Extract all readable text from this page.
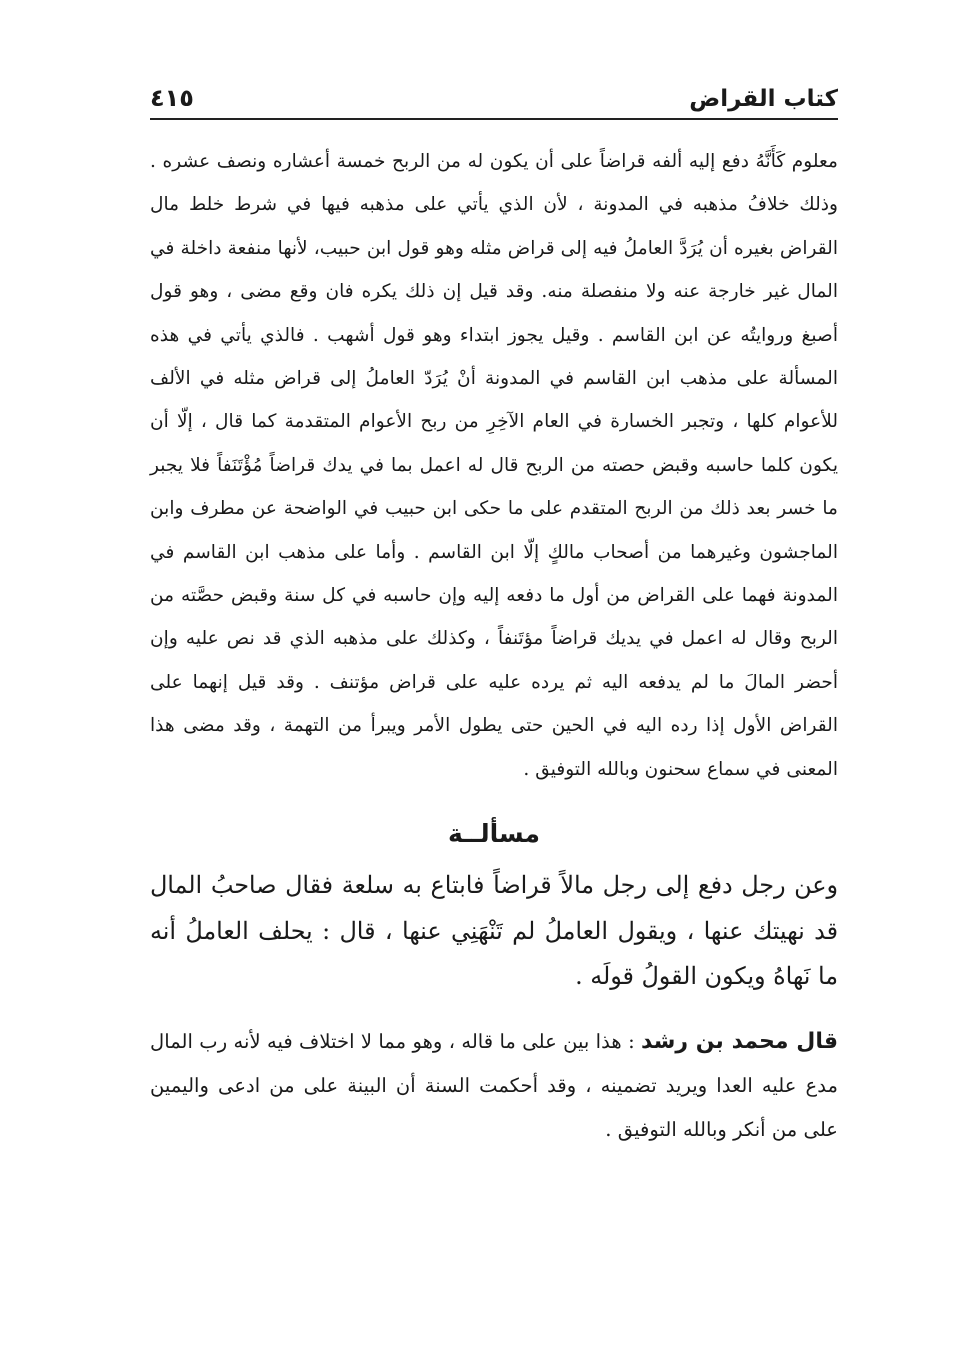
كتاب القراض
٤١٥

معلوم كَأَنَّهُ دفع إليه ألفه قراضاً على أن يكون له من الربح خمسة أعشاره ونصف عشره . وذلك خلافُ مذهبه في المدونة ، لأن الذي يأتي على مذهبه فيها في شرط خلط مال القراض بغيره أن يُرَدَّ العاملُ فيه إلى قراض مثله وهو قول ابن حبيب، لأنها منفعة داخلة في المال غير خارجة عنه ولا منفصلة منه. وقد قيل إن ذلك يكره فان وقع مضى ، وهو قول أصبغ وروايتُه عن ابن القاسم . وقيل يجوز ابتداء وهو قول أشهب . فالذي يأتي في هذه المسألة على مذهب ابن القاسم في المدونة أنْ يُرَدّ العاملُ إلى قراض مثله في الألف للأعوام كلها ، وتجبر الخسارة في العام الآخِرِ من ربح الأعوام المتقدمة كما قال ، إلّا أن يكون كلما حاسبه وقبض حصته من الربح قال له اعمل بما في يدك قراضاً مُؤْتَنَفاً فلا يجبر ما خسر بعد ذلك من الربح المتقدم على ما حكى ابن حبيب في الواضحة عن مطرف وابن الماجشون وغيرهما من أصحاب مالكٍ إلّا ابن القاسم . وأما على مذهب ابن القاسم في المدونة فهما على القراض من أول ما دفعه إليه وإن حاسبه في كل سنة وقبض حصَّته من الربح وقال له اعمل في يديك قراضاً مؤتَنفاً ، وكذلك على مذهبه الذي قد نص عليه وإن أحضر المالَ ما لم يدفعه اليه ثم يرده عليه على قراض مؤتنف . وقد قيل إنهما على القراض الأول إذا رده اليه في الحين حتى يطول الأمر ويبرأ من التهمة ، وقد مضى هذا المعنى في سماع سحنون وبالله التوفيق .

مسألــة

وعن رجل دفع إلى رجل مالاً قراضاً فابتاع به سلعة فقال صاحبُ المال قد نهيتك عنها ، ويقول العاملُ لم تَنْهَنِي عنها ، قال : يحلف العاملُ أنه ما نَهاهُ ويكون القولُ قولَه .

قال محمد بن رشد : هذا بين على ما قاله ، وهو مما لا اختلاف فيه لأنه رب المال مدع عليه العدا ويريد تضمينه ، وقد أحكمت السنة أن البينة على من ادعى واليمين على من أنكر وبالله التوفيق .
